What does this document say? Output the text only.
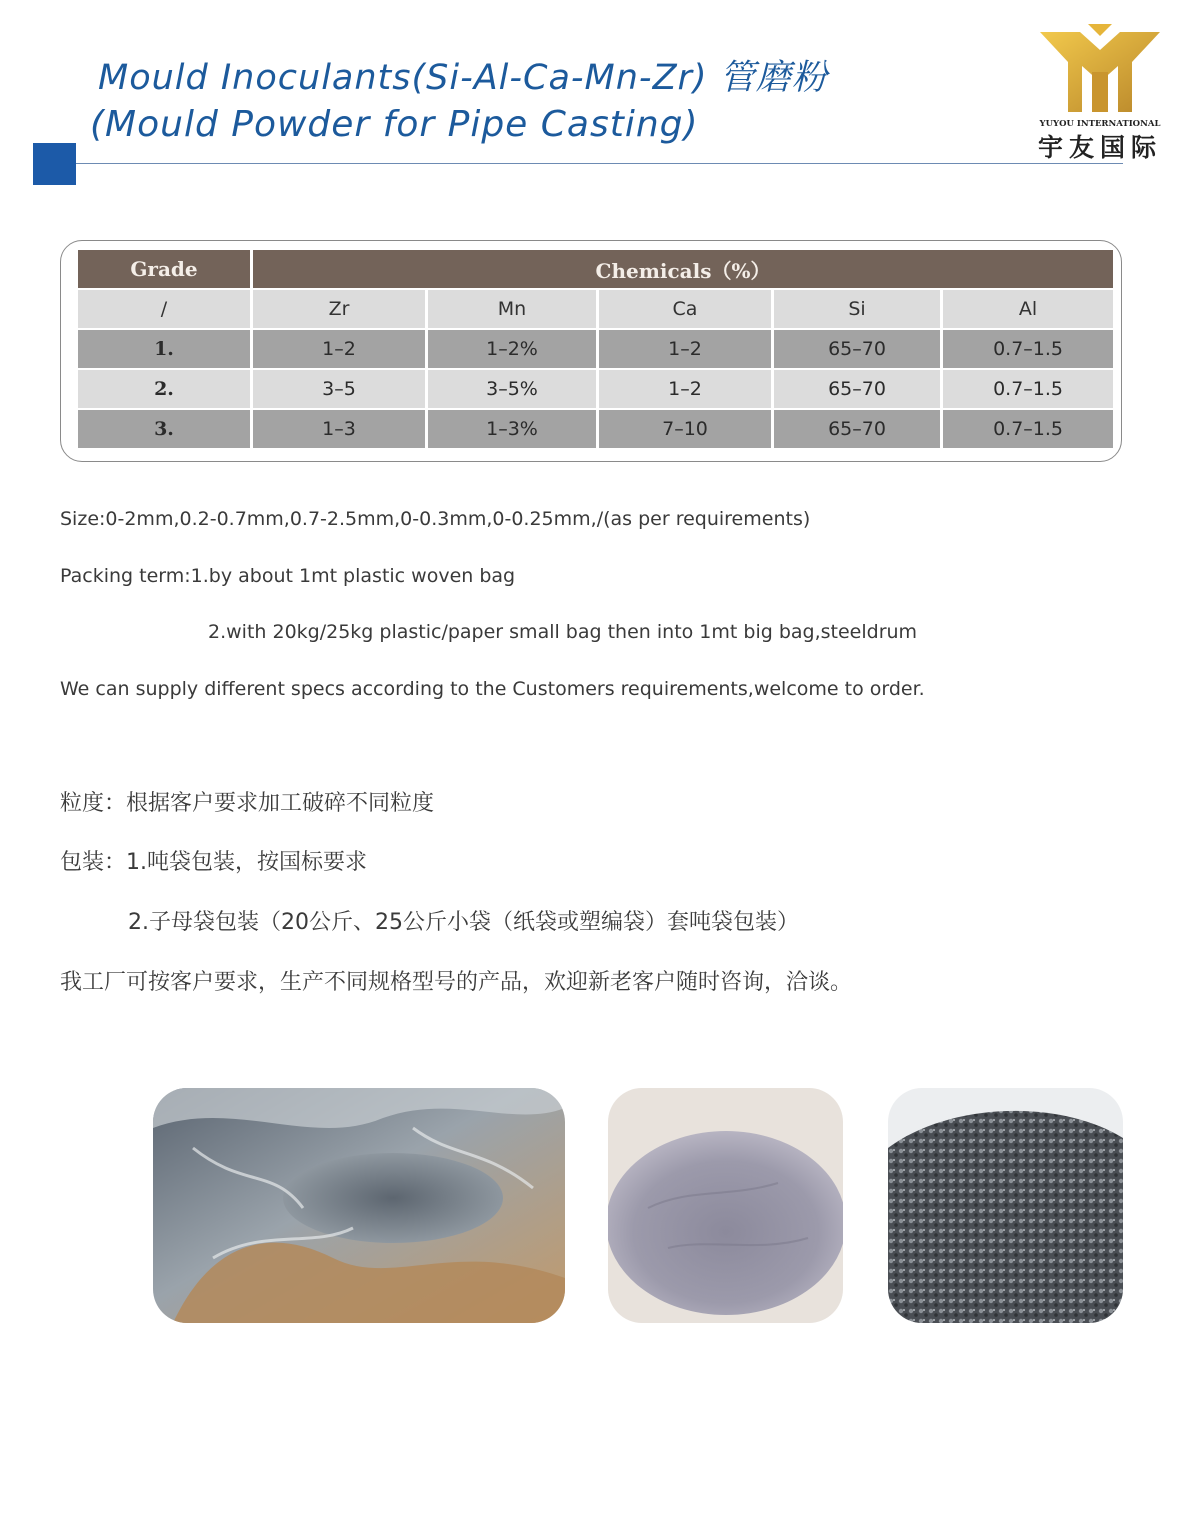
Mould Inoculants(Si-Al-Ca-Mn-Zr) 管磨粉
(Mould Powder for Pipe Casting)	YUYOU INTERNATIONAL
宇友国际
Grade	Chemicals（%）				
/	Zr	Mn	Ca	Si	Al
1.	1–2	1–2%	1–2	65–70	0.7–1.5
2.	3–5	3–5%	1–2	65–70	0.7–1.5
3.	1–3	1–3%	7–10	65–70	0.7–1.5
Size:0-2mm,0.2-0.7mm,0.7-2.5mm,0-0.3mm,0-0.25mm,/(as per requirements)
Packing term:1.by about 1mt plastic woven bag
2.with 20kg/25kg plastic/paper small bag then into 1mt big bag,steeldrum
We can supply different specs according to the Customers requirements,welcome to order.
粒度：根据客户要求加工破碎不同粒度
包装：1.吨袋包装，按国标要求
2.子母袋包装（20公斤、25公斤小袋（纸袋或塑编袋）套吨袋包装）
我工厂可按客户要求，生产不同规格型号的产品，欢迎新老客户随时咨询，洽谈。
